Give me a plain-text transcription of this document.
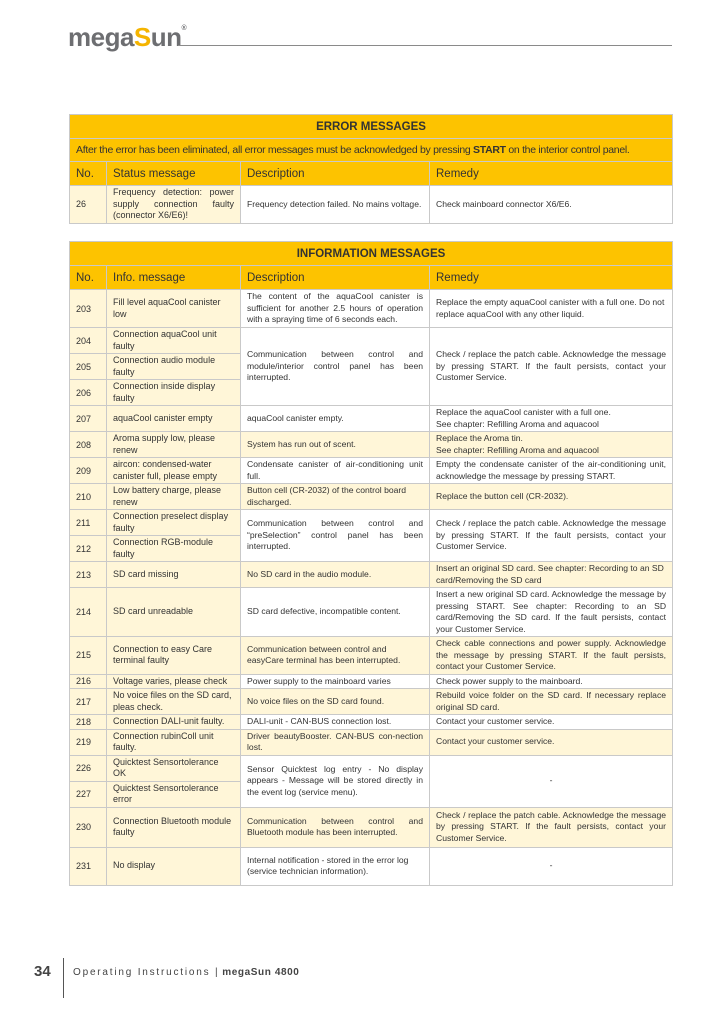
megaSun®
ERROR MESSAGES			
After the error has been eliminated, all error messages must be acknowledged by pressing START on the interior control panel.			
No.	Status message	Description	Remedy
26	Frequency detection: power supply connection faulty (connector X6/E6)!	Frequency detection failed. No mains voltage.	Check mainboard connector X6/E6.
INFORMATION MESSAGES			
No.	Info. message	Description	Remedy
203	Fill level aquaCool canister low	The content of the aquaCool canister is sufficient for another 2.5 hours of operation with a spraying time of 6 seconds each.	Replace the empty aquaCool canister with a full one. Do not replace aquaCool with any other liquid.
204	Connection aquaCool unit faulty	Communication between control and module/interior control panel has been interrupted.	Check / replace the patch cable. Acknowledge the message by pressing START. If the fault persists, contact your Customer Service.
205	Connection audio module faulty		
206	Connection inside display faulty		
207	aquaCool canister empty	aquaCool canister empty.	Replace the aquaCool canister with a full one.
See chapter: Refilling Aroma and aquacool
208	Aroma supply low, please renew	System has run out of scent.	Replace the Aroma tin.
See chapter: Refilling Aroma and aquacool
209	aircon: condensed-water canister full, please empty	Condensate canister of air-conditioning unit full.	Empty the condensate canister of the air-conditioning unit, acknowledge the message by pressing START.
210	Low battery charge, please renew	Button cell (CR-2032) of the control board discharged.	Replace the button cell (CR-2032).
211	Connection preselect display faulty	Communication between control and “preSelection” control panel has been interrupted.	Check / replace the patch cable. Acknowledge the message by pressing START. If the fault persists, contact your Customer Service.
212	Connection RGB-module faulty		
213	SD card missing	No SD card in the audio module.	Insert an original SD card. See chapter: Recording to an SD card/Removing the SD card
214	SD card unreadable	SD card defective, incompatible content.	Insert a new original SD card. Acknowledge the message by pressing START. See chapter: Recording to an SD card/Removing the SD card. If the fault persists, contact your Customer Service.
215	Connection to easy Care terminal faulty	Communication between control and easyCare terminal has been interrupted.	Check cable connections and power supply. Acknowledge the message by pressing START. If the fault persists, contact your Customer Service.
216	Voltage varies, please check	Power supply to the mainboard varies	Check power supply to the mainboard.
217	No voice files on the SD card, pleas check.	No voice files on the SD card found.	Rebuild voice folder on the SD card. If necessary replace original SD card.
218	Connection DALI-unit faulty.	DALI-unit - CAN-BUS connection lost.	Contact your customer service.
219	Connection rubinColl unit faulty.	Driver beautyBooster. CAN-BUS con-nection lost.	Contact your customer service.
226	Quicktest Sensortolerance OK	Sensor Quicktest log entry - No display appears - Message will be stored directly in the event log (service menu).	-
227	Quicktest Sensortolerance error		
230	Connection Bluetooth module faulty	Communication between control and Bluetooth module has been interrupted.	Check / replace the patch cable. Acknowledge the message by pressing START. If the fault persists, contact your Customer Service.
231	No display	Internal notification - stored in the error log (service technician information).	-
34 Operating Instructions | megaSun 4800
